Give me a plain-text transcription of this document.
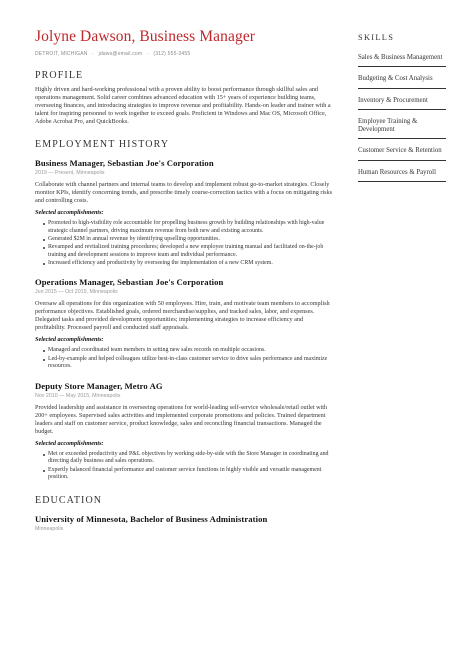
Jolyne Dawson, Business Manager
DETROIT, MICHIGAN · jdaws@email.com · (312) 555-3455
PROFILE
Highly driven and hard-working professional with a proven ability to boost performance through skillful sales and operations management. Solid career combines advanced education with 15+ years of experience building teams, overseeing finances, and introducing strategies to improve revenue and profitability. Hands-on leader and trainer with a talent for inspiring personnel to work together to exceed goals. Proficient in Windows and Mac OS, Microsoft Office, Adobe Acrobat Pro, and QuickBooks.
EMPLOYMENT HISTORY
Business Manager, Sebastian Joe's Corporation
2019 — Present, Minneapolis
Collaborate with channel partners and internal teams to develop and implement robust go-to-market strategies. Closely monitor KPIs, identify concerning trends, and prescribe timely course-correction tactics with a focus on mitigating risks and controlling costs.
Selected accomplishments:
Promoted to high-visibility role accountable for propelling business growth by building relationships with high-value strategic channel partners, driving maximum revenue from both new and existing accounts.
Generated $2M in annual revenue by identifying upselling opportunities.
Revamped and revitalized training procedures; developed a new employee training manual and facilitated on-the-job training and development sessions to improve team and individual performance.
Increased efficiency and productivity by overseeing the implementation of a new CRM system.
Operations Manager, Sebastian Joe's Corporation
Jun 2015 — Oct 2019, Minneapolis
Oversaw all operations for this organization with 50 employees. Hire, train, and motivate team members to accomplish performance objectives. Established goals, ordered merchandise/supplies, and tracked sales, labor, and expenses. Delegated tasks and provided development opportunities; implementing strategies to increase efficiency and profitability. Processed payroll and conducted staff appraisals.
Selected accomplishments:
Managed and coordinated team members in setting new sales records on multiple occasions.
Led-by-example and helped colleagues utilize best-in-class customer service to drive sales performance and maximize resources.
Deputy Store Manager, Metro AG
Nov 2010 — May 2015, Minneapolis
Provided leadership and assistance in overseeing operations for world-leading self-service wholesale/retail outlet with 200+ employees. Supervised sales activities and implemented corporate promotions and policies. Trained department leaders and staff on customer service, product knowledge, sales and reconciling financial transactions. Managed the budget.
Selected accomplishments:
Met or exceeded productivity and P&L objectives by working side-by-side with the Store Manager in coordinating and directing daily business and sales operations.
Expertly balanced financial performance and customer service functions in highly visible and versatile management position.
EDUCATION
University of Minnesota, Bachelor of Business Administration
Minneapolis
SKILLS
Sales & Business Management
Budgeting & Cost Analysis
Inventory & Procurement
Employee Training & Development
Customer Service & Retention
Human Resources & Payroll
